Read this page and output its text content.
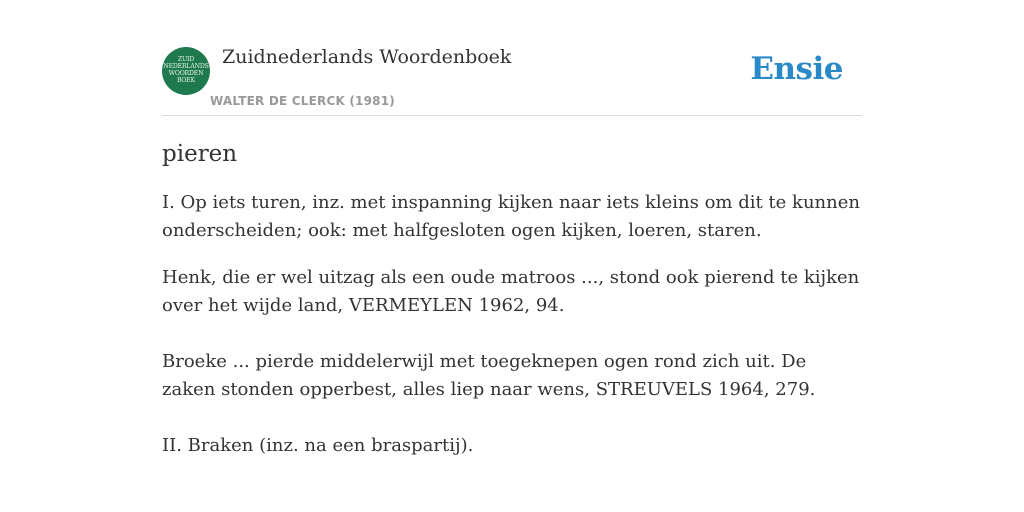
ZUID
NEDERLANDS
WOORDEN
BOEK
Zuidnederlands Woordenboek
WALTER DE CLERCK (1981)
Ensie
pieren

I. Op iets turen, inz. met inspanning kijken naar iets kleins om dit te kunnen onderscheiden; ook: met halfgesloten ogen kijken, loeren, staren.

Henk, die er wel uitzag als een oude matroos ..., stond ook pierend te kijken over het wijde land, VERMEYLEN 1962, 94.

Broeke ... pierde middelerwijl met toegeknepen ogen rond zich uit. De zaken stonden opperbest, alles liep naar wens, STREUVELS 1964, 279.

II. Braken (inz. na een braspartij).
